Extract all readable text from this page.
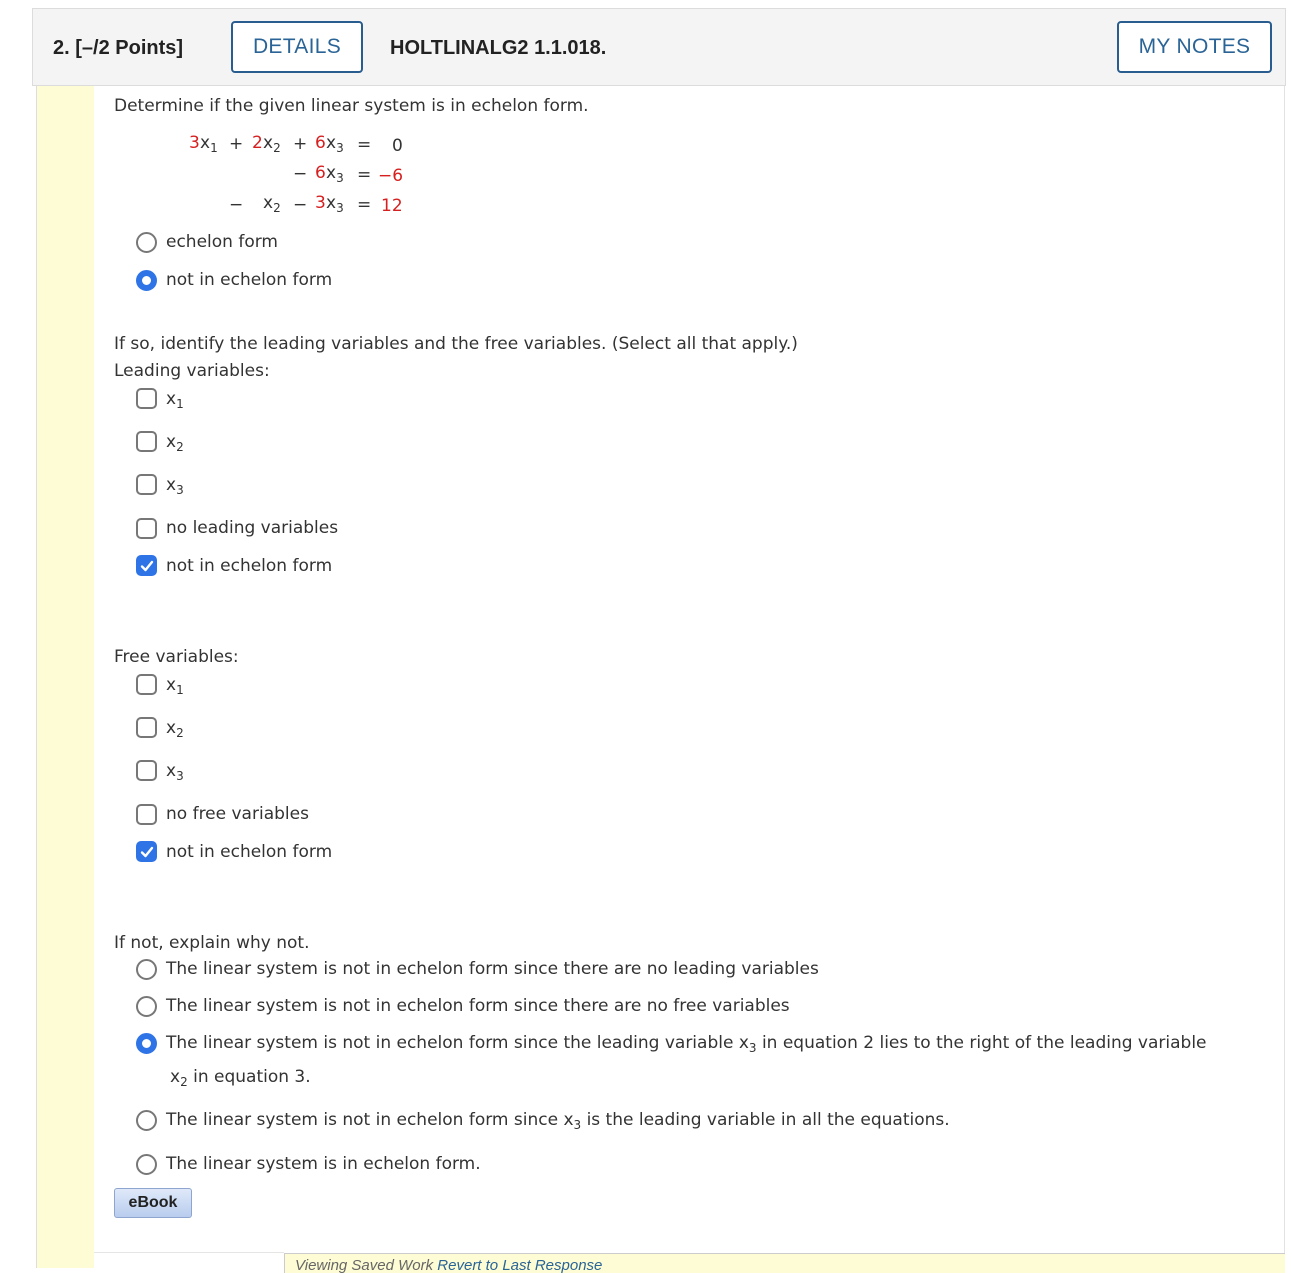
2. [–/2 Points]	DETAILS	HOLTLINALG2 1.1.018.	MY NOTES
Determine if the given linear system is in echelon form.
3 $x_1 + 2$ $x_2 + 6$ $x_3 = 0$
− 6 $x_3 = -6$
− $x_2 - 3$ $x_3 = 12$
echelon form
not in echelon form
If so, identify the leading variables and the free variables. (Select all that apply.)
Leading variables:
$x_1$
$x_2$
$x_3$
no leading variables
not in echelon form
Free variables:
$x_1$
$x_2$
$x_3$
no free variables
not in echelon form
If not, explain why not.
The linear system is not in echelon form since there are no leading variables
The linear system is not in echelon form since there are no free variables
The linear system is not in echelon form since the leading variable $x_3$ in equation 2 lies to the right of the leading variable
$x_2$ in equation 3.
The linear system is not in echelon form since $x_3$ is the leading variable in all the equations.
The linear system is in echelon form.
eBook
Viewing Saved Work Revert to Last Response
